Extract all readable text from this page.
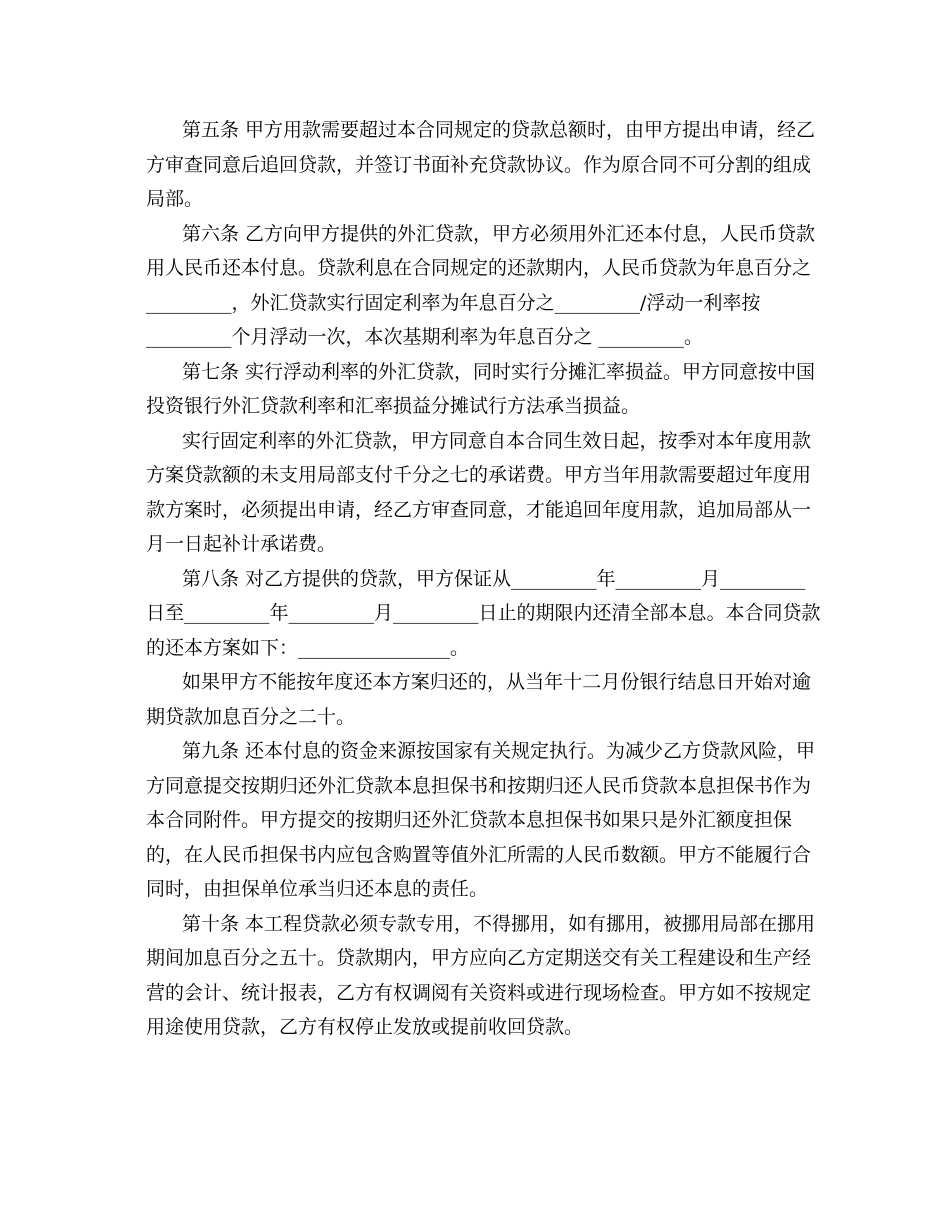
第五条 甲方用款需要超过本合同规定的贷款总额时，由甲方提出申请，经乙
方审查同意后追回贷款，并签订书面补充贷款协议。作为原合同不可分割的组成
局部。
第六条 乙方向甲方提供的外汇贷款，甲方必须用外汇还本付息，人民币贷款
用人民币还本付息。贷款利息在合同规定的还款期内，人民币贷款为年息百分之
_________，外汇贷款实行固定利率为年息百分之_________/浮动一利率按
_________个月浮动一次，本次基期利率为年息百分之 _________。
第七条 实行浮动利率的外汇贷款，同时实行分摊汇率损益。甲方同意按中国
投资银行外汇贷款利率和汇率损益分摊试行方法承当损益。
实行固定利率的外汇贷款，甲方同意自本合同生效日起，按季对本年度用款
方案贷款额的未支用局部支付千分之七的承诺费。甲方当年用款需要超过年度用
款方案时，必须提出申请，经乙方审查同意，才能追回年度用款，追加局部从一
月一日起补计承诺费。
第八条 对乙方提供的贷款，甲方保证从_________年_________月_________
日至_________年_________月_________日止的期限内还清全部本息。本合同贷款
的还本方案如下：________________。
如果甲方不能按年度还本方案归还的，从当年十二月份银行结息日开始对逾
期贷款加息百分之二十。
第九条 还本付息的资金来源按国家有关规定执行。为减少乙方贷款风险，甲
方同意提交按期归还外汇贷款本息担保书和按期归还人民币贷款本息担保书作为
本合同附件。甲方提交的按期归还外汇贷款本息担保书如果只是外汇额度担保
的，在人民币担保书内应包含购置等值外汇所需的人民币数额。甲方不能履行合
同时，由担保单位承当归还本息的责任。
第十条 本工程贷款必须专款专用，不得挪用，如有挪用，被挪用局部在挪用
期间加息百分之五十。贷款期内，甲方应向乙方定期送交有关工程建设和生产经
营的会计、统计报表，乙方有权调阅有关资料或进行现场检查。甲方如不按规定
用途使用贷款，乙方有权停止发放或提前收回贷款。
